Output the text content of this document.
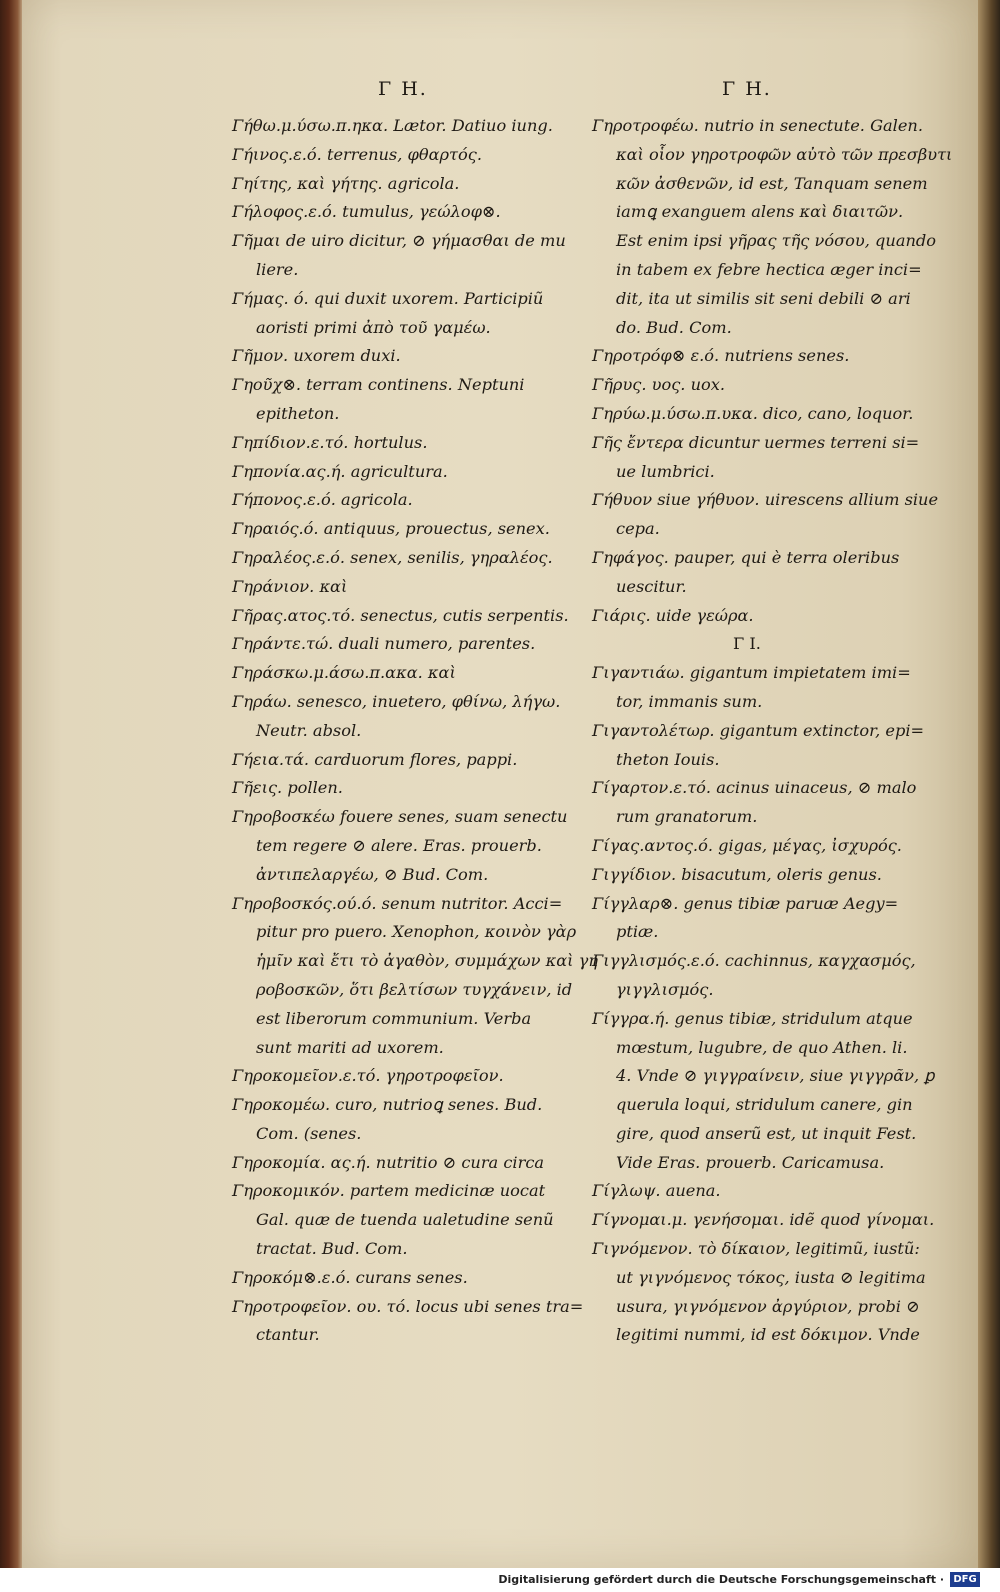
Γ H.	Γ H.
Γήθω.μ.ύσω.π.ηκα. Lætor. Datiuo iung.
Γήινος.ε.ό. terrenus, φθαρτός.
Γηίτης, καὶ γήτης. agricola.
Γήλοφος.ε.ό. tumulus, γεώλοφ⊗.
Γῆμαι de uiro dicitur, ⊘ γήμασθαι de mu
liere.
Γήμας. ό. qui duxit uxorem. Participiũ
aoristi primi ἀπὸ τοῦ γαμέω.
Γῆμον. uxorem duxi.
Γηοῦχ⊗. terram continens. Neptuni
epitheton.
Γηπίδιον.ε.τό. hortulus.
Γηπονία.ας.ή. agricultura.
Γήπονος.ε.ό. agricola.
Γηραιός.ό. antiquus, prouectus, senex.
Γηραλέος.ε.ό. senex, senilis, γηραλέος.
Γηράνιον. καὶ
Γῆρας.ατος.τό. senectus, cutis serpentis.
Γηράντε.τώ. duali numero, parentes.
Γηράσκω.μ.άσω.π.ακα. καὶ
Γηράω. senesco, inuetero, φθίνω, λήγω.
Neutr. absol.
Γήεια.τά. carduorum flores, pappi.
Γῆεις. pollen.
Γηροβοσκέω fouere senes, suam senectu
tem regere ⊘ alere. Eras. prouerb.
ἀντιπελαργέω, ⊘ Bud. Com.
Γηροβοσκός.ού.ό. senum nutritor. Acci=
pitur pro puero. Xenophon, κοινὸν γὰρ
ἡμῖν καὶ ἔτι τὸ ἀγαθὸν, συμμάχων καὶ γη
ροβοσκῶν, ὅτι βελτίσων τυγχάνειν, id
est liberorum communium. Verba
sunt mariti ad uxorem.
Γηροκομεῖον.ε.τό. γηροτροφεῖον.
Γηροκομέω. curo, nutrioꝗ senes. Bud.
Com. (senes.
Γηροκομία. ας.ή. nutritio ⊘ cura circa
Γηροκομικόν. partem medicinæ uocat
Gal. quæ de tuenda ualetudine senũ
tractat. Bud. Com.
Γηροκόμ⊗.ε.ό. curans senes.
Γηροτροφεῖον. ου. τό. locus ubi senes tra=
ctantur.
Γηροτροφέω. nutrio in senectute. Galen.
καὶ οἷον γηροτροφῶν αὐτὸ τῶν πρεσβυτι
κῶν ἀσθενῶν, id est, Tanquam senem
iamꝗ exanguem alens καὶ διαιτῶν.
Est enim ipsi γῆρας τῆς νόσου, quando
in tabem ex febre hectica æger inci=
dit, ita ut similis sit seni debili ⊘ ari
do. Bud. Com.
Γηροτρόφ⊗ ε.ό. nutriens senes.
Γῆρυς. υος. uox.
Γηρύω.μ.ύσω.π.υκα. dico, cano, loquor.
Γῆς ἔντερα dicuntur uermes terreni si=
ue lumbrici.
Γήθυον siue γήθυον. uirescens allium siue
cepa.
Γηφάγος. pauper, qui è terra oleribus
uescitur.
Γιάρις. uide γεώρα.
Γ I.
Γιγαντιάω. gigantum impietatem imi=
tor, immanis sum.
Γιγαντολέτωρ. gigantum extinctor, epi=
theton Iouis.
Γίγαρτον.ε.τό. acinus uinaceus, ⊘ malo
rum granatorum.
Γίγας.αντος.ό. gigas, μέγας, ἰσχυρός.
Γιγγίδιον. bisacutum, oleris genus.
Γίγγλαρ⊗. genus tibiæ paruæ Aegy=
ptiæ.
Γιγγλισμός.ε.ό. cachinnus, καγχασμός,
γιγγλισμός.
Γίγγρα.ή. genus tibiæ, stridulum atque
mœstum, lugubre, de quo Athen. li.
4. Vnde ⊘ γιγγραίνειν, siue γιγγρᾶν, ꝑ
querula loqui, stridulum canere, gin
gire, quod anserũ est, ut inquit Fest.
Vide Eras. prouerb. Caricamusa.
Γίγλωψ. auena.
Γίγνομαι.μ. γενήσομαι. idẽ quod γίνομαι.
Γιγνόμενον. τὸ δίκαιον, legitimũ, iustũ:
ut γιγνόμενος τόκος, iusta ⊘ legitima
usura, γιγνόμενον ἀργύριον, probi ⊘
legitimi nummi, id est δόκιμον. Vnde
Digitalisierung gefördert durch die Deutsche Forschungsgemeinschaft · DFG
